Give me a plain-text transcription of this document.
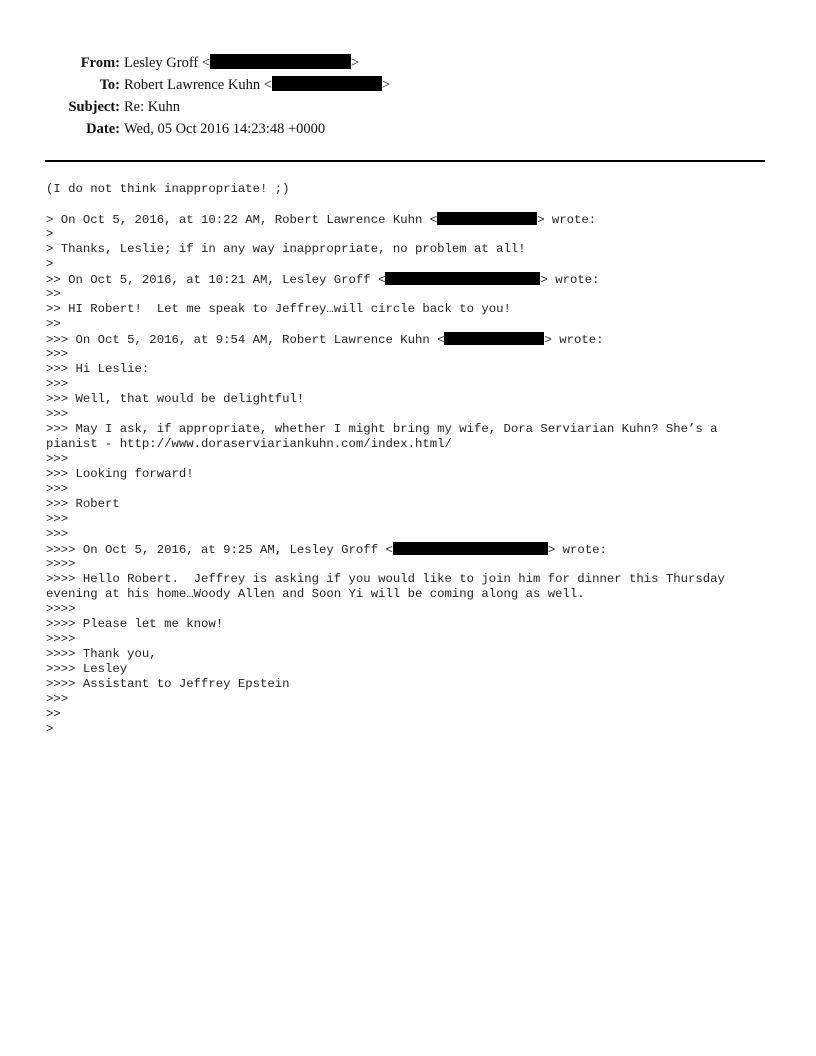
From: Lesley Groff <	>
To: Robert Lawrence Kuhn <	>
Subject: Re: Kuhn
Date: Wed, 05 Oct 2016 14:23:48 +0000
(I do not think inappropriate! ;)
> On Oct 5, 2016, at 10:22 AM, Robert Lawrence Kuhn <	> wrote:
>
> Thanks, Leslie; if in any way inappropriate, no problem at all!
>
>> On Oct 5, 2016, at 10:21 AM, Lesley Groff <	> wrote:
>>
>> HI Robert!  Let me speak to Jeffrey…will circle back to you!
>>
>>> On Oct 5, 2016, at 9:54 AM, Robert Lawrence Kuhn <	> wrote:
>>>
>>> Hi Leslie:
>>>
>>> Well, that would be delightful!
>>>
>>> May I ask, if appropriate, whether I might bring my wife, Dora Serviarian Kuhn? She’s a
pianist - http://www.doraserviariankuhn.com/index.html/
>>>
>>> Looking forward!
>>>
>>> Robert
>>>
>>>
>>>> On Oct 5, 2016, at 9:25 AM, Lesley Groff <	> wrote:
>>>>
>>>> Hello Robert.  Jeffrey is asking if you would like to join him for dinner this Thursday
evening at his home…Woody Allen and Soon Yi will be coming along as well.
>>>>
>>>> Please let me know!
>>>>
>>>> Thank you,
>>>> Lesley
>>>> Assistant to Jeffrey Epstein
>>>
>>
>
